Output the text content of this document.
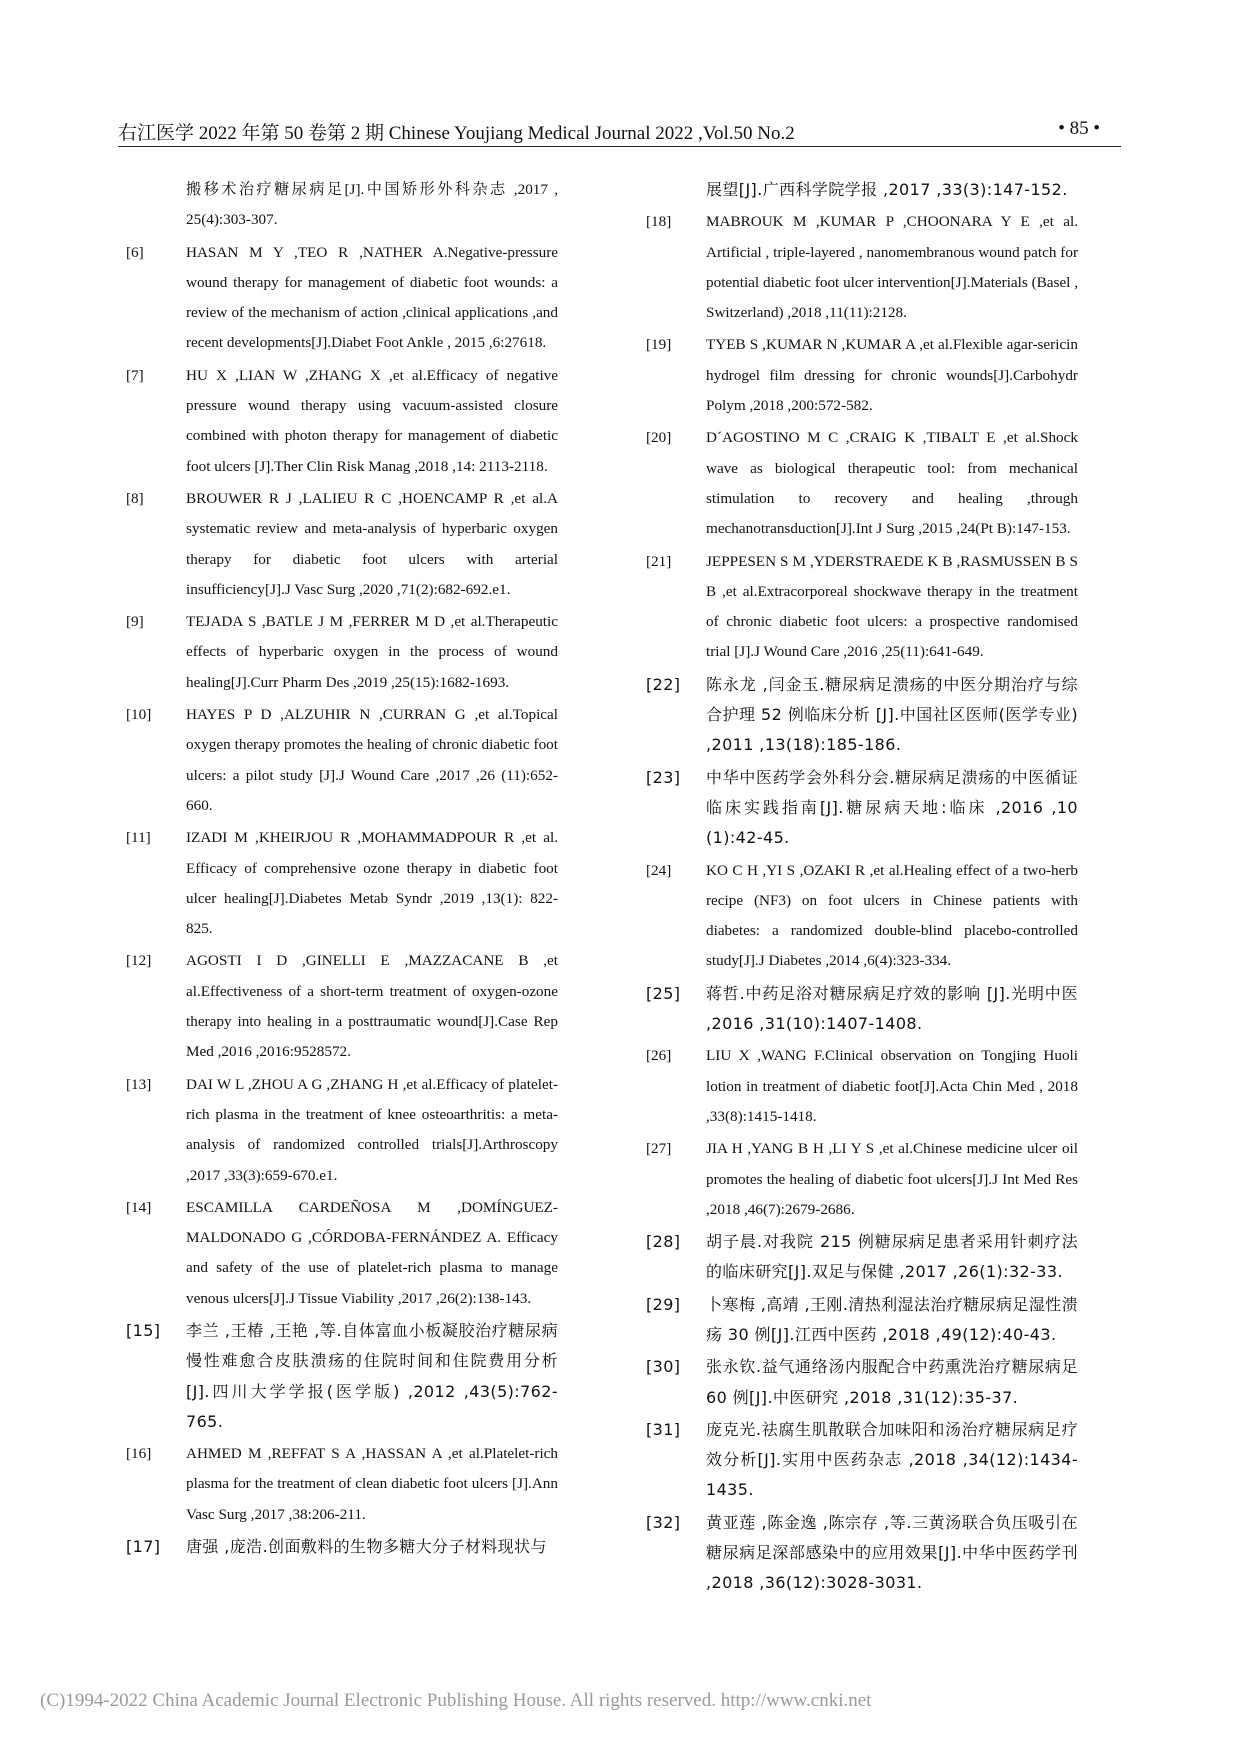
右江医学 2022 年第 50 卷第 2 期 Chinese Youjiang Medical Journal 2022 ,Vol.50 No.2	• 85 •
搬移术治疗糖尿病足[J].中国矫形外科杂志 ,2017 , 25(4):303-307.
[6]	HASAN M Y ,TEO R ,NATHER A.Negative-pressure wound therapy for management of diabetic foot wounds: a review of the mechanism of action ,clinical applications ,and recent developments[J].Diabet Foot Ankle , 2015 ,6:27618.
[7]	HU X ,LIAN W ,ZHANG X ,et al.Efficacy of negative pressure wound therapy using vacuum-assisted closure combined with photon therapy for management of diabetic foot ulcers [J].Ther Clin Risk Manag ,2018 ,14: 2113-2118.
[8]	BROUWER R J ,LALIEU R C ,HOENCAMP R ,et al.A systematic review and meta-analysis of hyperbaric oxygen therapy for diabetic foot ulcers with arterial insufficiency[J].J Vasc Surg ,2020 ,71(2):682-692.e1.
[9]	TEJADA S ,BATLE J M ,FERRER M D ,et al.Therapeutic effects of hyperbaric oxygen in the process of wound healing[J].Curr Pharm Des ,2019 ,25(15):1682-1693.
[10]	HAYES P D ,ALZUHIR N ,CURRAN G ,et al.Topical oxygen therapy promotes the healing of chronic diabetic foot ulcers: a pilot study [J].J Wound Care ,2017 ,26 (11):652-660.
[11]	IZADI M ,KHEIRJOU R ,MOHAMMADPOUR R ,et al. Efficacy of comprehensive ozone therapy in diabetic foot ulcer healing[J].Diabetes Metab Syndr ,2019 ,13(1): 822-825.
[12]	AGOSTI I D ,GINELLI E ,MAZZACANE B ,et al.Effectiveness of a short-term treatment of oxygen-ozone therapy into healing in a posttraumatic wound[J].Case Rep Med ,2016 ,2016:9528572.
[13]	DAI W L ,ZHOU A G ,ZHANG H ,et al.Efficacy of platelet-rich plasma in the treatment of knee osteoarthritis: a meta-analysis of randomized controlled trials[J].Arthroscopy ,2017 ,33(3):659-670.e1.
[14]	ESCAMILLA CARDEÑOSA M ,DOMÍNGUEZ-MALDONADO G ,CÓRDOBA-FERNÁNDEZ A. Efficacy and safety of the use of platelet-rich plasma to manage venous ulcers[J].J Tissue Viability ,2017 ,26(2):138-143.
[15]	李兰 ,王椿 ,王艳 ,等.自体富血小板凝胶治疗糖尿病慢性难愈合皮肤溃疡的住院时间和住院费用分析 [J].四川大学学报(医学版) ,2012 ,43(5):762-765.
[16]	AHMED M ,REFFAT S A ,HASSAN A ,et al.Platelet-rich plasma for the treatment of clean diabetic foot ulcers [J].Ann Vasc Surg ,2017 ,38:206-211.
[17]	唐强 ,庞浩.创面敷料的生物多糖大分子材料现状与
展望[J].广西科学院学报 ,2017 ,33(3):147-152.
[18]	MABROUK M ,KUMAR P ,CHOONARA Y E ,et al. Artificial , triple-layered , nanomembranous wound patch for potential diabetic foot ulcer intervention[J].Materials (Basel , Switzerland) ,2018 ,11(11):2128.
[19]	TYEB S ,KUMAR N ,KUMAR A ,et al.Flexible agar-sericin hydrogel film dressing for chronic wounds[J].Carbohydr Polym ,2018 ,200:572-582.
[20]	D´AGOSTINO M C ,CRAIG K ,TIBALT E ,et al.Shock wave as biological therapeutic tool: from mechanical stimulation to recovery and healing ,through mechanotransduction[J].Int J Surg ,2015 ,24(Pt B):147-153.
[21]	JEPPESEN S M ,YDERSTRAEDE K B ,RASMUSSEN B S B ,et al.Extracorporeal shockwave therapy in the treatment of chronic diabetic foot ulcers: a prospective randomised trial [J].J Wound Care ,2016 ,25(11):641-649.
[22]	陈永龙 ,闫金玉.糖尿病足溃疡的中医分期治疗与综合护理 52 例临床分析 [J].中国社区医师(医学专业) ,2011 ,13(18):185-186.
[23]	中华中医药学会外科分会.糖尿病足溃疡的中医循证临床实践指南[J].糖尿病天地:临床 ,2016 ,10 (1):42-45.
[24]	KO C H ,YI S ,OZAKI R ,et al.Healing effect of a two-herb recipe (NF3) on foot ulcers in Chinese patients with diabetes: a randomized double-blind placebo-controlled study[J].J Diabetes ,2014 ,6(4):323-334.
[25]	蒋哲.中药足浴对糖尿病足疗效的影响 [J].光明中医 ,2016 ,31(10):1407-1408.
[26]	LIU X ,WANG F.Clinical observation on Tongjing Huoli lotion in treatment of diabetic foot[J].Acta Chin Med , 2018 ,33(8):1415-1418.
[27]	JIA H ,YANG B H ,LI Y S ,et al.Chinese medicine ulcer oil promotes the healing of diabetic foot ulcers[J].J Int Med Res ,2018 ,46(7):2679-2686.
[28]	胡子晨.对我院 215 例糖尿病足患者采用针刺疗法的临床研究[J].双足与保健 ,2017 ,26(1):32-33.
[29]	卜寒梅 ,高靖 ,王刚.清热利湿法治疗糖尿病足湿性溃疡 30 例[J].江西中医药 ,2018 ,49(12):40-43.
[30]	张永钦.益气通络汤内服配合中药熏洗治疗糖尿病足 60 例[J].中医研究 ,2018 ,31(12):35-37.
[31]	庞克光.祛腐生肌散联合加味阳和汤治疗糖尿病足疗效分析[J].实用中医药杂志 ,2018 ,34(12):1434-1435.
[32]	黄亚莲 ,陈金逸 ,陈宗存 ,等.三黄汤联合负压吸引在糖尿病足深部感染中的应用效果[J].中华中医药学刊 ,2018 ,36(12):3028-3031.
(C)1994-2022 China Academic Journal Electronic Publishing House. All rights reserved. http://www.cnki.net
